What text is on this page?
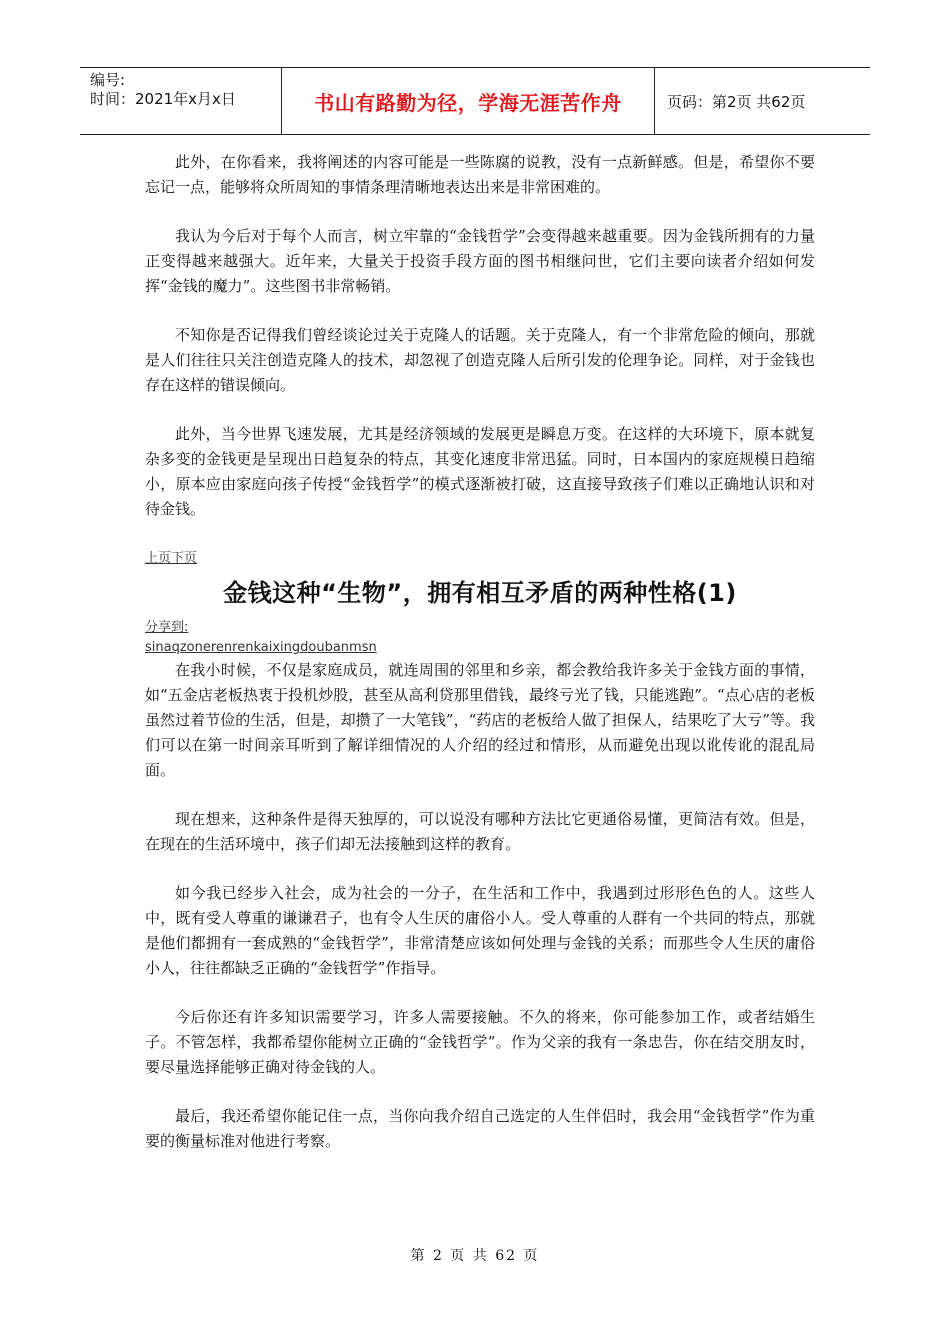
编号:
时间：2021年x月x日	书山有路勤为径，学海无涯苦作舟	页码：第2页 共62页

此外，在你看来，我将阐述的内容可能是一些陈腐的说教，没有一点新鲜感。但是，希望你不要忘记一点，能够将众所周知的事情条理清晰地表达出来是非常困难的。

我认为今后对于每个人而言，树立牢靠的“金钱哲学”会变得越来越重要。因为金钱所拥有的力量正变得越来越强大。近年来，大量关于投资手段方面的图书相继问世，它们主要向读者介绍如何发挥“金钱的魔力”。这些图书非常畅销。

不知你是否记得我们曾经谈论过关于克隆人的话题。关于克隆人，有一个非常危险的倾向，那就是人们往往只关注创造克隆人的技术，却忽视了创造克隆人后所引发的伦理争论。同样，对于金钱也存在这样的错误倾向。

此外，当今世界飞速发展，尤其是经济领域的发展更是瞬息万变。在这样的大环境下，原本就复杂多变的金钱更是呈现出日趋复杂的特点，其变化速度非常迅猛。同时，日本国内的家庭规模日趋缩小，原本应由家庭向孩子传授“金钱哲学”的模式逐渐被打破，这直接导致孩子们难以正确地认识和对待金钱。

上页下页
金钱这种“生物”，拥有相互矛盾的两种性格(1)
分享到:
sinaqzonerenrenkaixingdoubanmsn

在我小时候，不仅是家庭成员，就连周围的邻里和乡亲，都会教给我许多关于金钱方面的事情，如“五金店老板热衷于投机炒股，甚至从高利贷那里借钱，最终亏光了钱，只能逃跑”。“点心店的老板虽然过着节俭的生活，但是，却攒了一大笔钱”，“药店的老板给人做了担保人，结果吃了大亏”等。我们可以在第一时间亲耳听到了解详细情况的人介绍的经过和情形，从而避免出现以讹传讹的混乱局面。

现在想来，这种条件是得天独厚的，可以说没有哪种方法比它更通俗易懂，更简洁有效。但是，在现在的生活环境中，孩子们却无法接触到这样的教育。

如今我已经步入社会，成为社会的一分子，在生活和工作中，我遇到过形形色色的人。这些人中，既有受人尊重的谦谦君子，也有令人生厌的庸俗小人。受人尊重的人群有一个共同的特点，那就是他们都拥有一套成熟的“金钱哲学”，非常清楚应该如何处理与金钱的关系；而那些令人生厌的庸俗小人，往往都缺乏正确的“金钱哲学”作指导。

今后你还有许多知识需要学习，许多人需要接触。不久的将来，你可能参加工作，或者结婚生子。不管怎样，我都希望你能树立正确的“金钱哲学”。作为父亲的我有一条忠告，你在结交朋友时，要尽量选择能够正确对待金钱的人。

最后，我还希望你能记住一点，当你向我介绍自己选定的人生伴侣时，我会用“金钱哲学”作为重要的衡量标准对他进行考察。

第 2 页 共 62 页
